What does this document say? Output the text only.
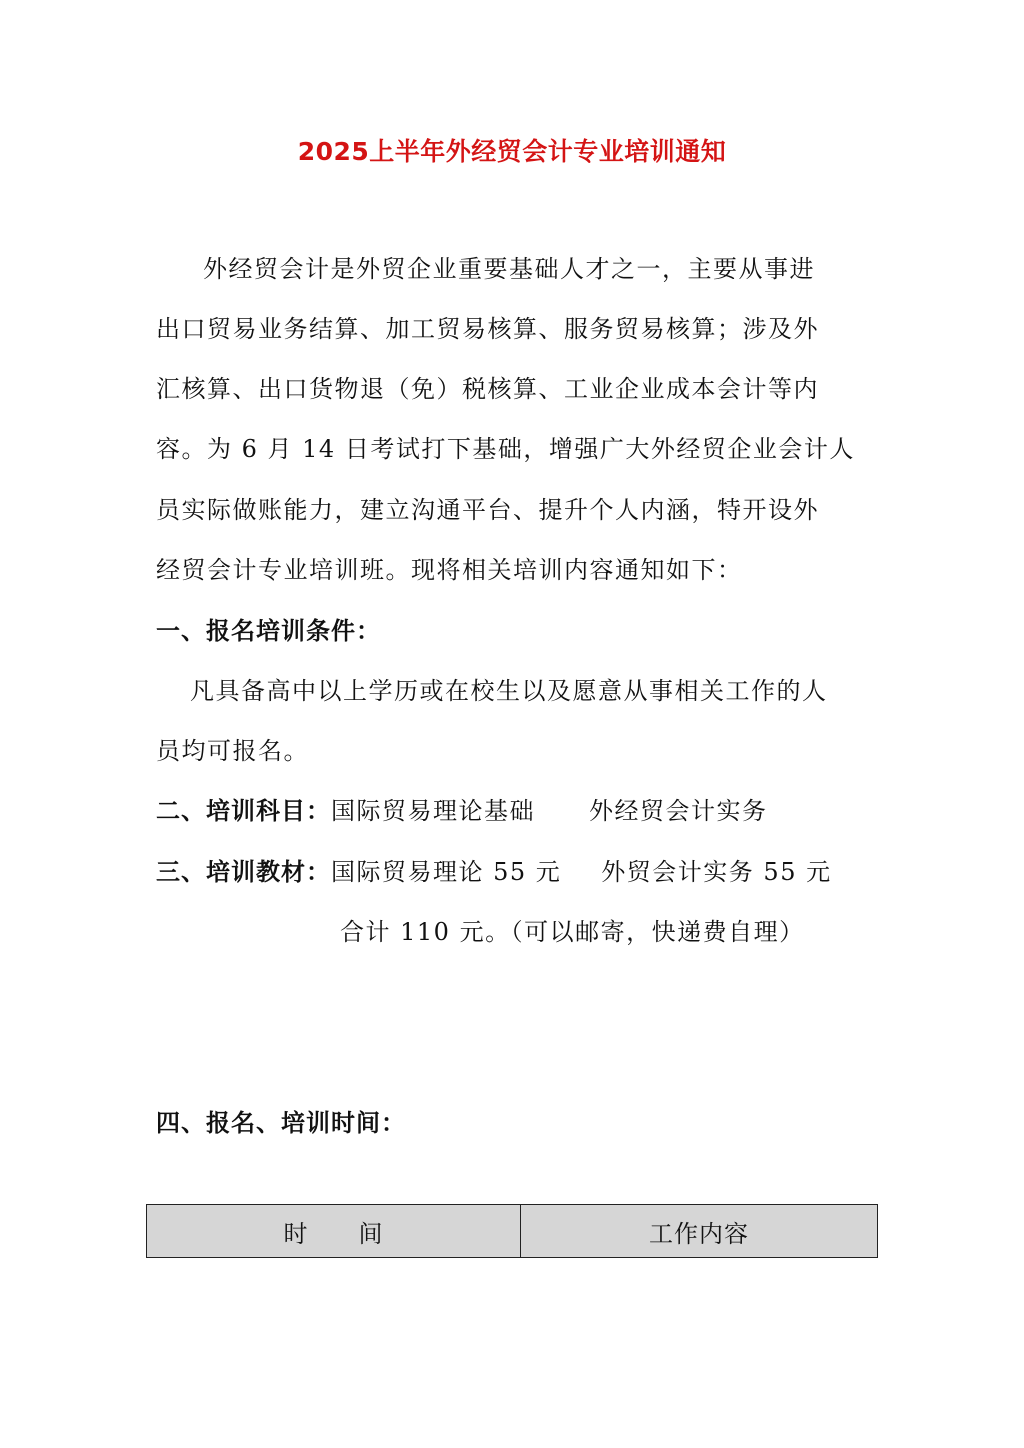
2025上半年外经贸会计专业培训通知
外经贸会计是外贸企业重要基础人才之一，主要从事进
出口贸易业务结算、加工贸易核算、服务贸易核算；涉及外
汇核算、出口货物退（免）税核算、工业企业成本会计等内
容。为 6 月 14 日考试打下基础，增强广大外经贸企业会计人
员实际做账能力，建立沟通平台、提升个人内涵，特开设外
经贸会计专业培训班。现将相关培训内容通知如下：
一、报名培训条件：
凡具备高中以上学历或在校生以及愿意从事相关工作的人
员均可报名。
二、培训科目：国际贸易理论基础 外经贸会计实务
三、培训教材：国际贸易理论 55 元 外贸会计实务 55 元
合计 110 元。（可以邮寄，快递费自理）
四、报名、培训时间：
时　　间	工作内容
